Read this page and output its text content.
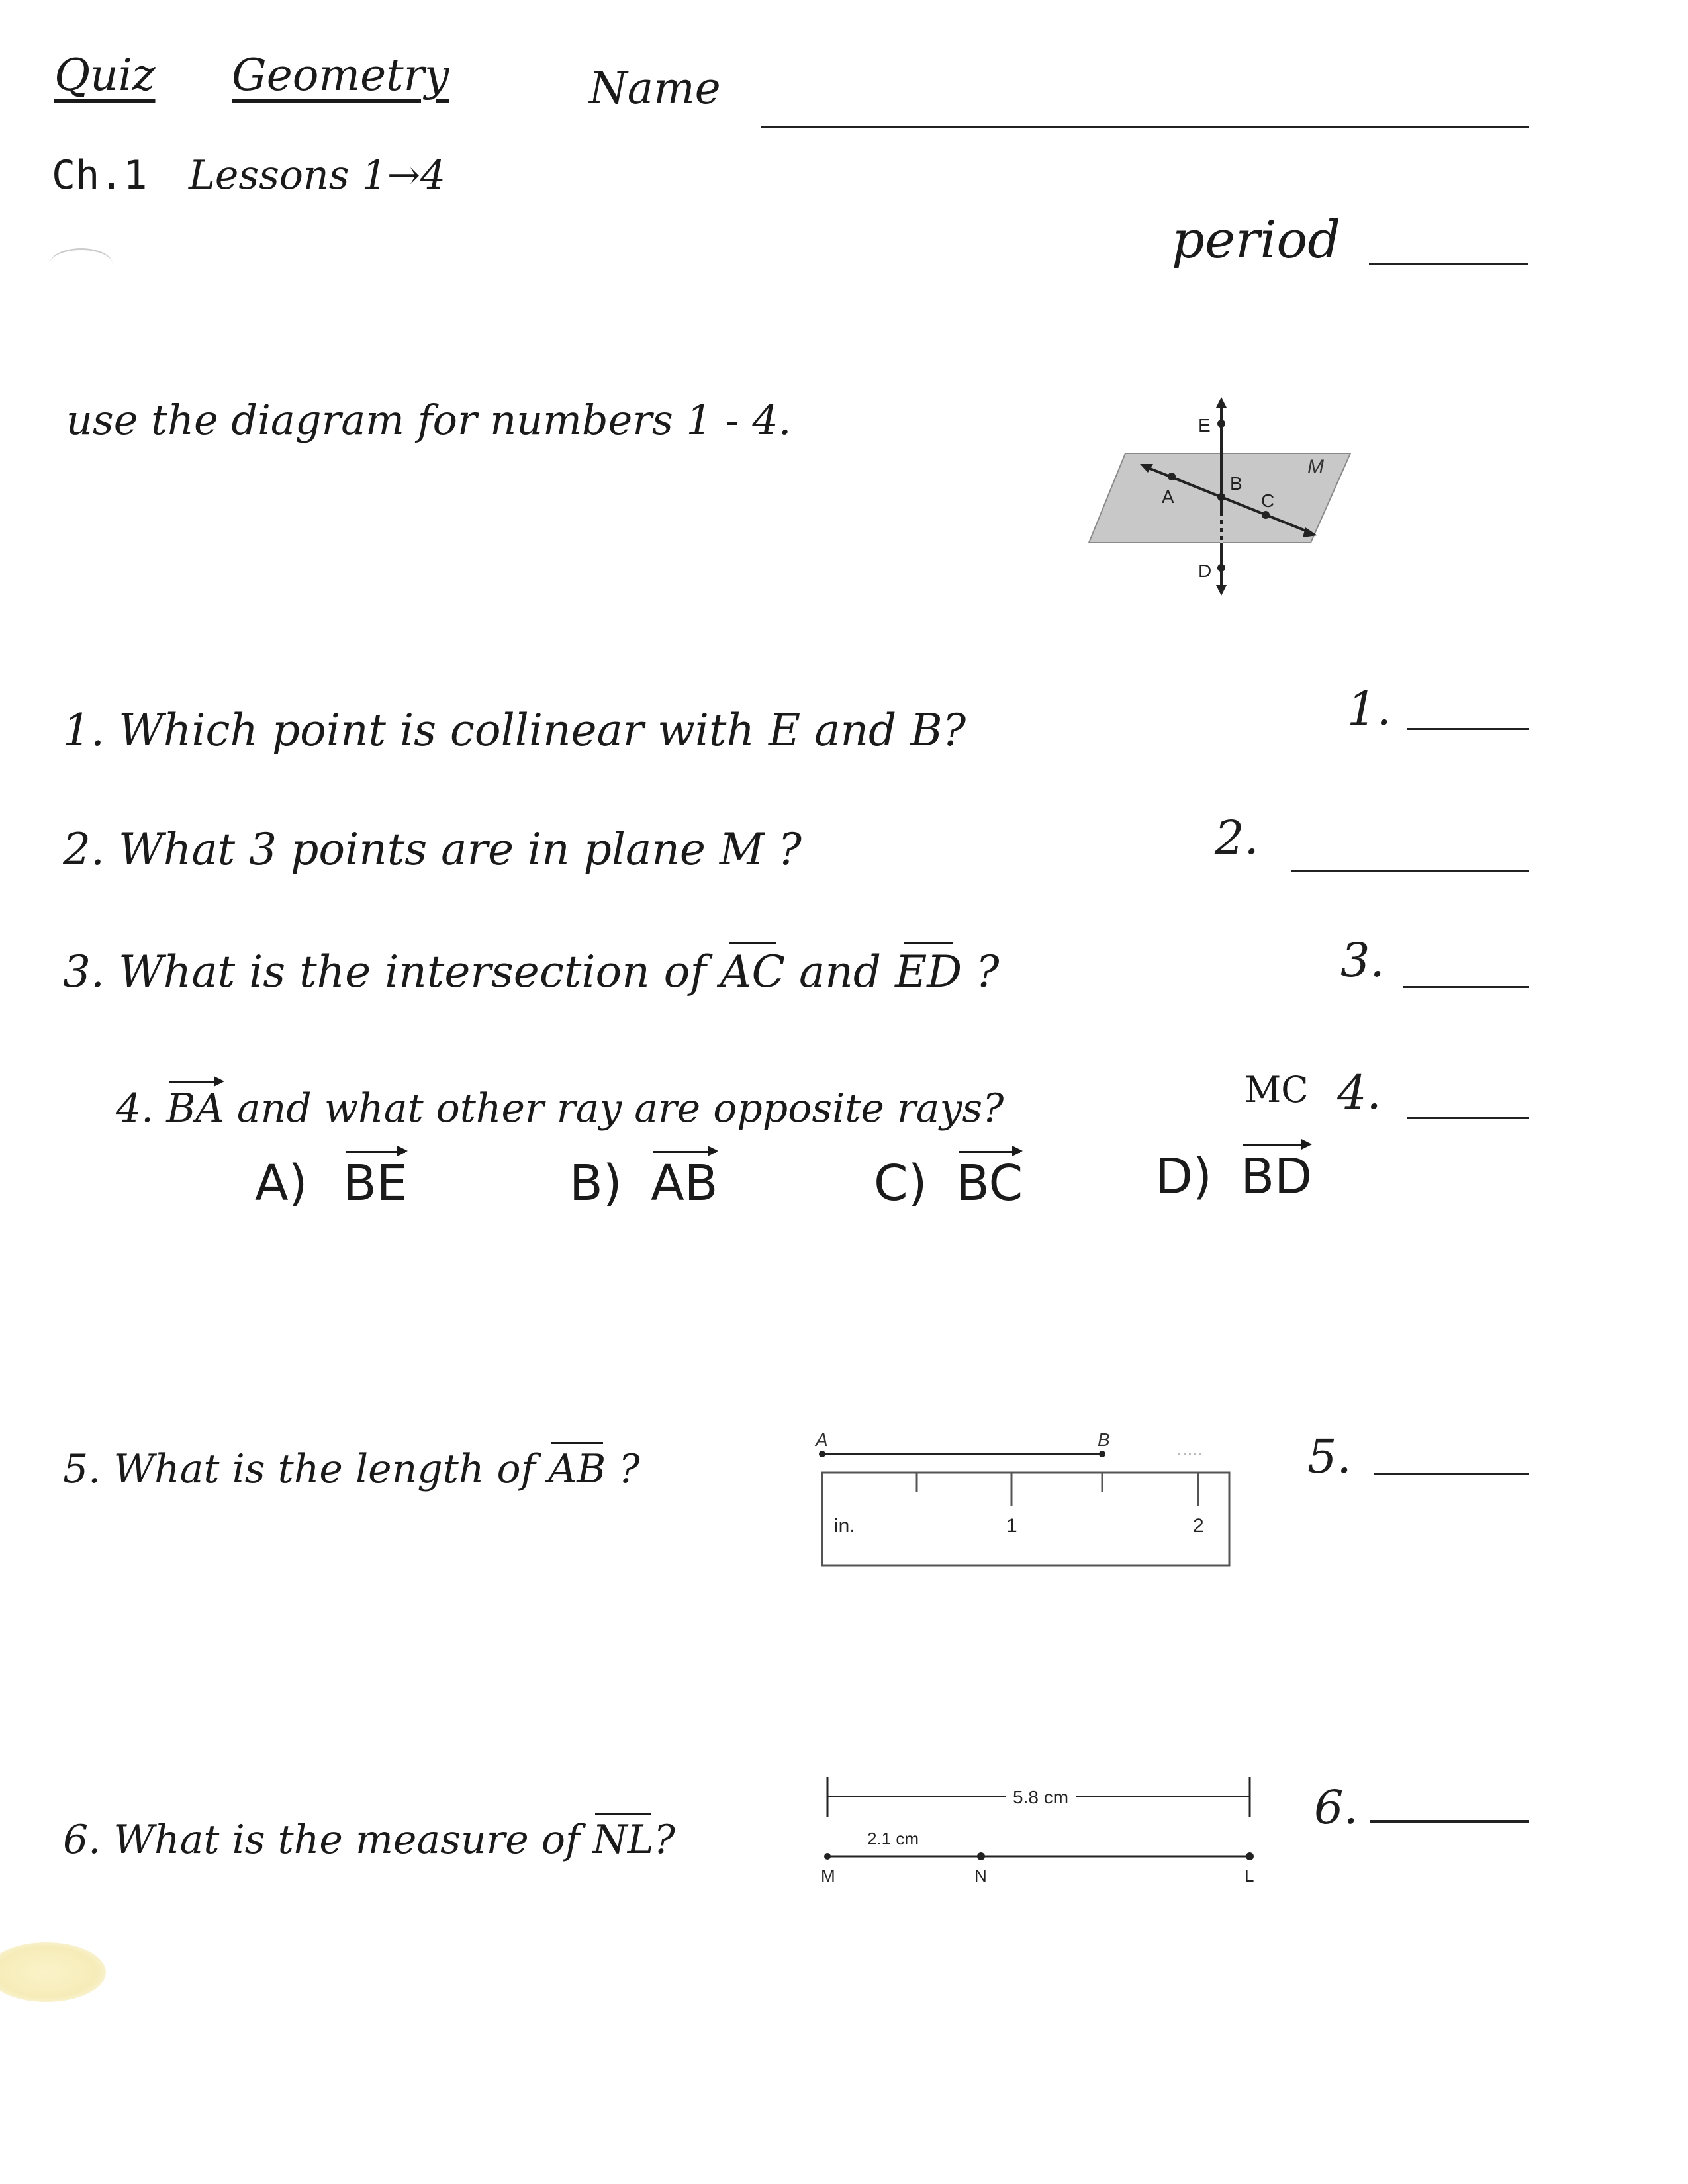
Quiz Geometry	Name
Ch.1 Lessons 1→4
period
use the diagram for numbers 1 - 4.	E
A
B
C
D
M
1. Which point is collinear with E and B?	1.
2. What 3 points are in plane M ?	2.
3. What is the intersection of AC and ED ?	3.
4. BA and what other ray are opposite rays?	MC 4.
A) BE	B) AB	C) BC	D) BD
5. What is the length of AB ?	5.
A	B
in.	1	2
6. What is the measure of NL?
6.
5.8 cm
2.1 cm
M	N	L
